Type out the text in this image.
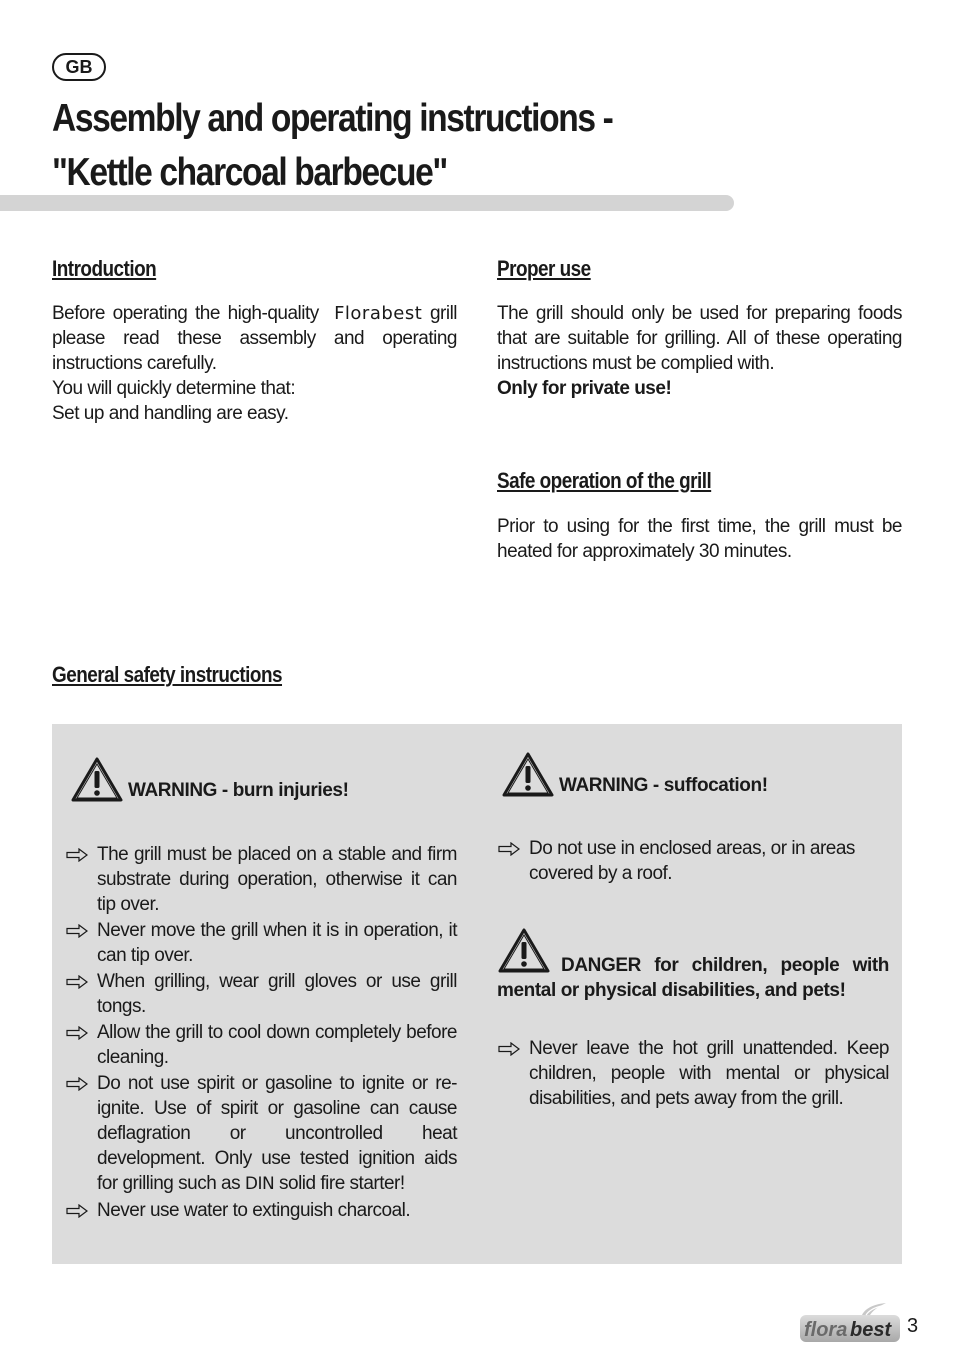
GB
Assembly and operating instructions -
"Kettle charcoal barbecue"
Introduction

Before operating the high-quality Florabest grill please read these assembly and operating instructions carefully.

You will quickly determine that:

Set up and handling are easy.

Proper use

The grill should only be used for preparing foods that are suitable for grilling. All of these operating instructions must be complied with.

Only for private use!

Safe operation of the grill

Prior to using for the first time, the grill must be heated for approximately 30 minutes.

General safety instructions
WARNING - burn injuries!
The grill must be placed on a stable and firm substrate during operation, otherwise it can tip over.
Never move the grill when it is in operation, it can tip over.
When grilling, wear grill gloves or use grill tongs.
Allow the grill to cool down completely before cleaning.
Do not use spirit or gasoline to ignite or re-ignite. Use of spirit or gasoline can cause deflagration or uncontrolled heat development. Only use tested ignition aids for grilling such as DIN solid fire starter!
Never use water to extinguish charcoal.
WARNING - suffocation!
Do not use in enclosed areas, or in areas covered by a roof.
DANGER for children, people with mental or physical disabilities, and pets!
Never leave the hot grill unattended. Keep children, people with mental or physical disabilities, and pets away from the grill.
flora best 3
